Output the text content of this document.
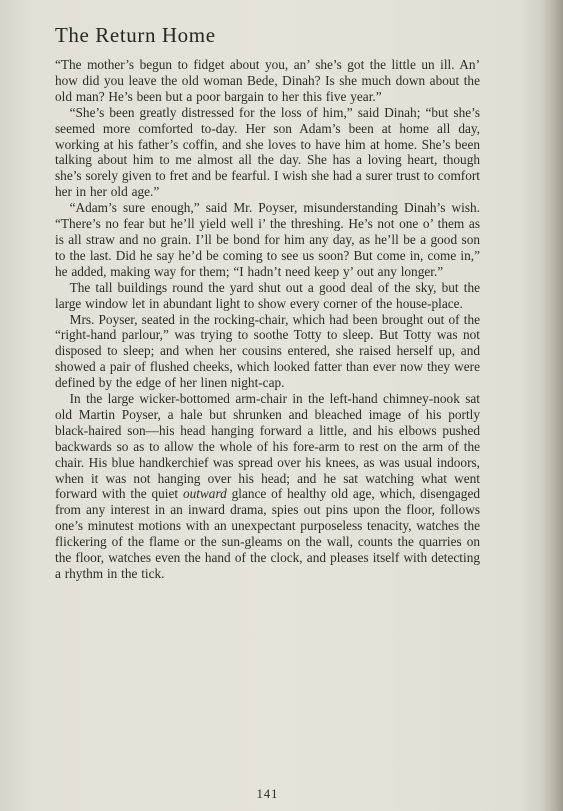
The Return Home

“The mother’s begun to fidget about you, an’ she’s got the little un ill. An’ how did you leave the old woman Bede, Dinah? Is she much down about the old man? He’s been but a poor bargain to her this five year.”

“She’s been greatly distressed for the loss of him,” said Dinah; “but she’s seemed more comforted to-day. Her son Adam’s been at home all day, working at his father’s coffin, and she loves to have him at home. She’s been talking about him to me almost all the day. She has a loving heart, though she’s sorely given to fret and be fearful. I wish she had a surer trust to comfort her in her old age.”

“Adam’s sure enough,” said Mr. Poyser, misunderstanding Dinah’s wish. “There’s no fear but he’ll yield well i’ the threshing. He’s not one o’ them as is all straw and no grain. I’ll be bond for him any day, as he’ll be a good son to the last. Did he say he’d be coming to see us soon? But come in, come in,” he added, making way for them; “I hadn’t need keep y’ out any longer.”

The tall buildings round the yard shut out a good deal of the sky, but the large window let in abundant light to show every corner of the house-place.

Mrs. Poyser, seated in the rocking-chair, which had been brought out of the “right-hand parlour,” was trying to soothe Totty to sleep. But Totty was not disposed to sleep; and when her cousins entered, she raised herself up, and showed a pair of flushed cheeks, which looked fatter than ever now they were defined by the edge of her linen night-cap.

In the large wicker-bottomed arm-chair in the left-hand chimney-nook sat old Martin Poyser, a hale but shrunken and bleached image of his portly black-haired son—his head hanging forward a little, and his elbows pushed backwards so as to allow the whole of his fore-arm to rest on the arm of the chair. His blue handkerchief was spread over his knees, as was usual indoors, when it was not hanging over his head; and he sat watching what went forward with the quiet outward glance of healthy old age, which, disengaged from any interest in an inward drama, spies out pins upon the floor, follows one’s minutest motions with an unexpectant purposeless tenacity, watches the flickering of the flame or the sun-gleams on the wall, counts the quarries on the floor, watches even the hand of the clock, and pleases itself with detecting a rhythm in the tick.

141
